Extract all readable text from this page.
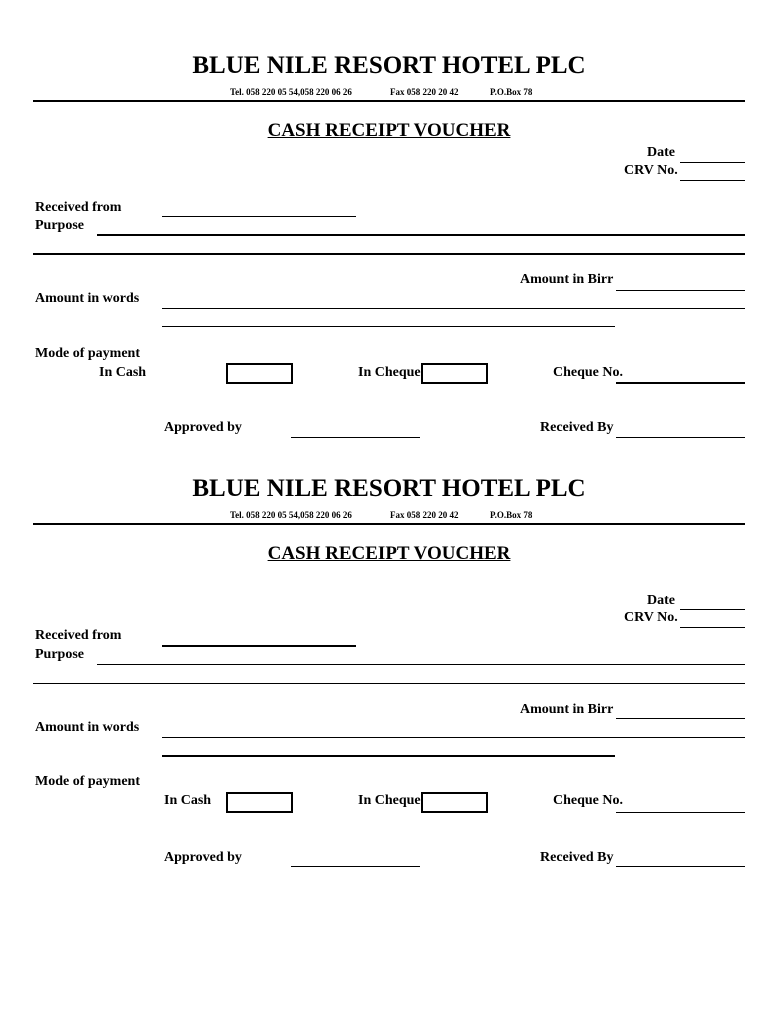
BLUE NILE RESORT HOTEL PLC
Tel. 058 220 05 54,058 220 06 26	Fax 058 220 20 42	P.O.Box 78
CASH RECEIPT VOUCHER
Date
CRV No.
Received from
Purpose
Amount in Birr
Amount in words
Mode of payment
In Cash	In Cheque	Cheque No.
Approved by	Received By
BLUE NILE RESORT HOTEL PLC
Tel. 058 220 05 54,058 220 06 26	Fax 058 220 20 42	P.O.Box 78
CASH RECEIPT VOUCHER
Date
CRV No.
Received from
Purpose
Amount in Birr
Amount in words
Mode of payment
In Cash	In Cheque	Cheque No.
Approved by	Received By
